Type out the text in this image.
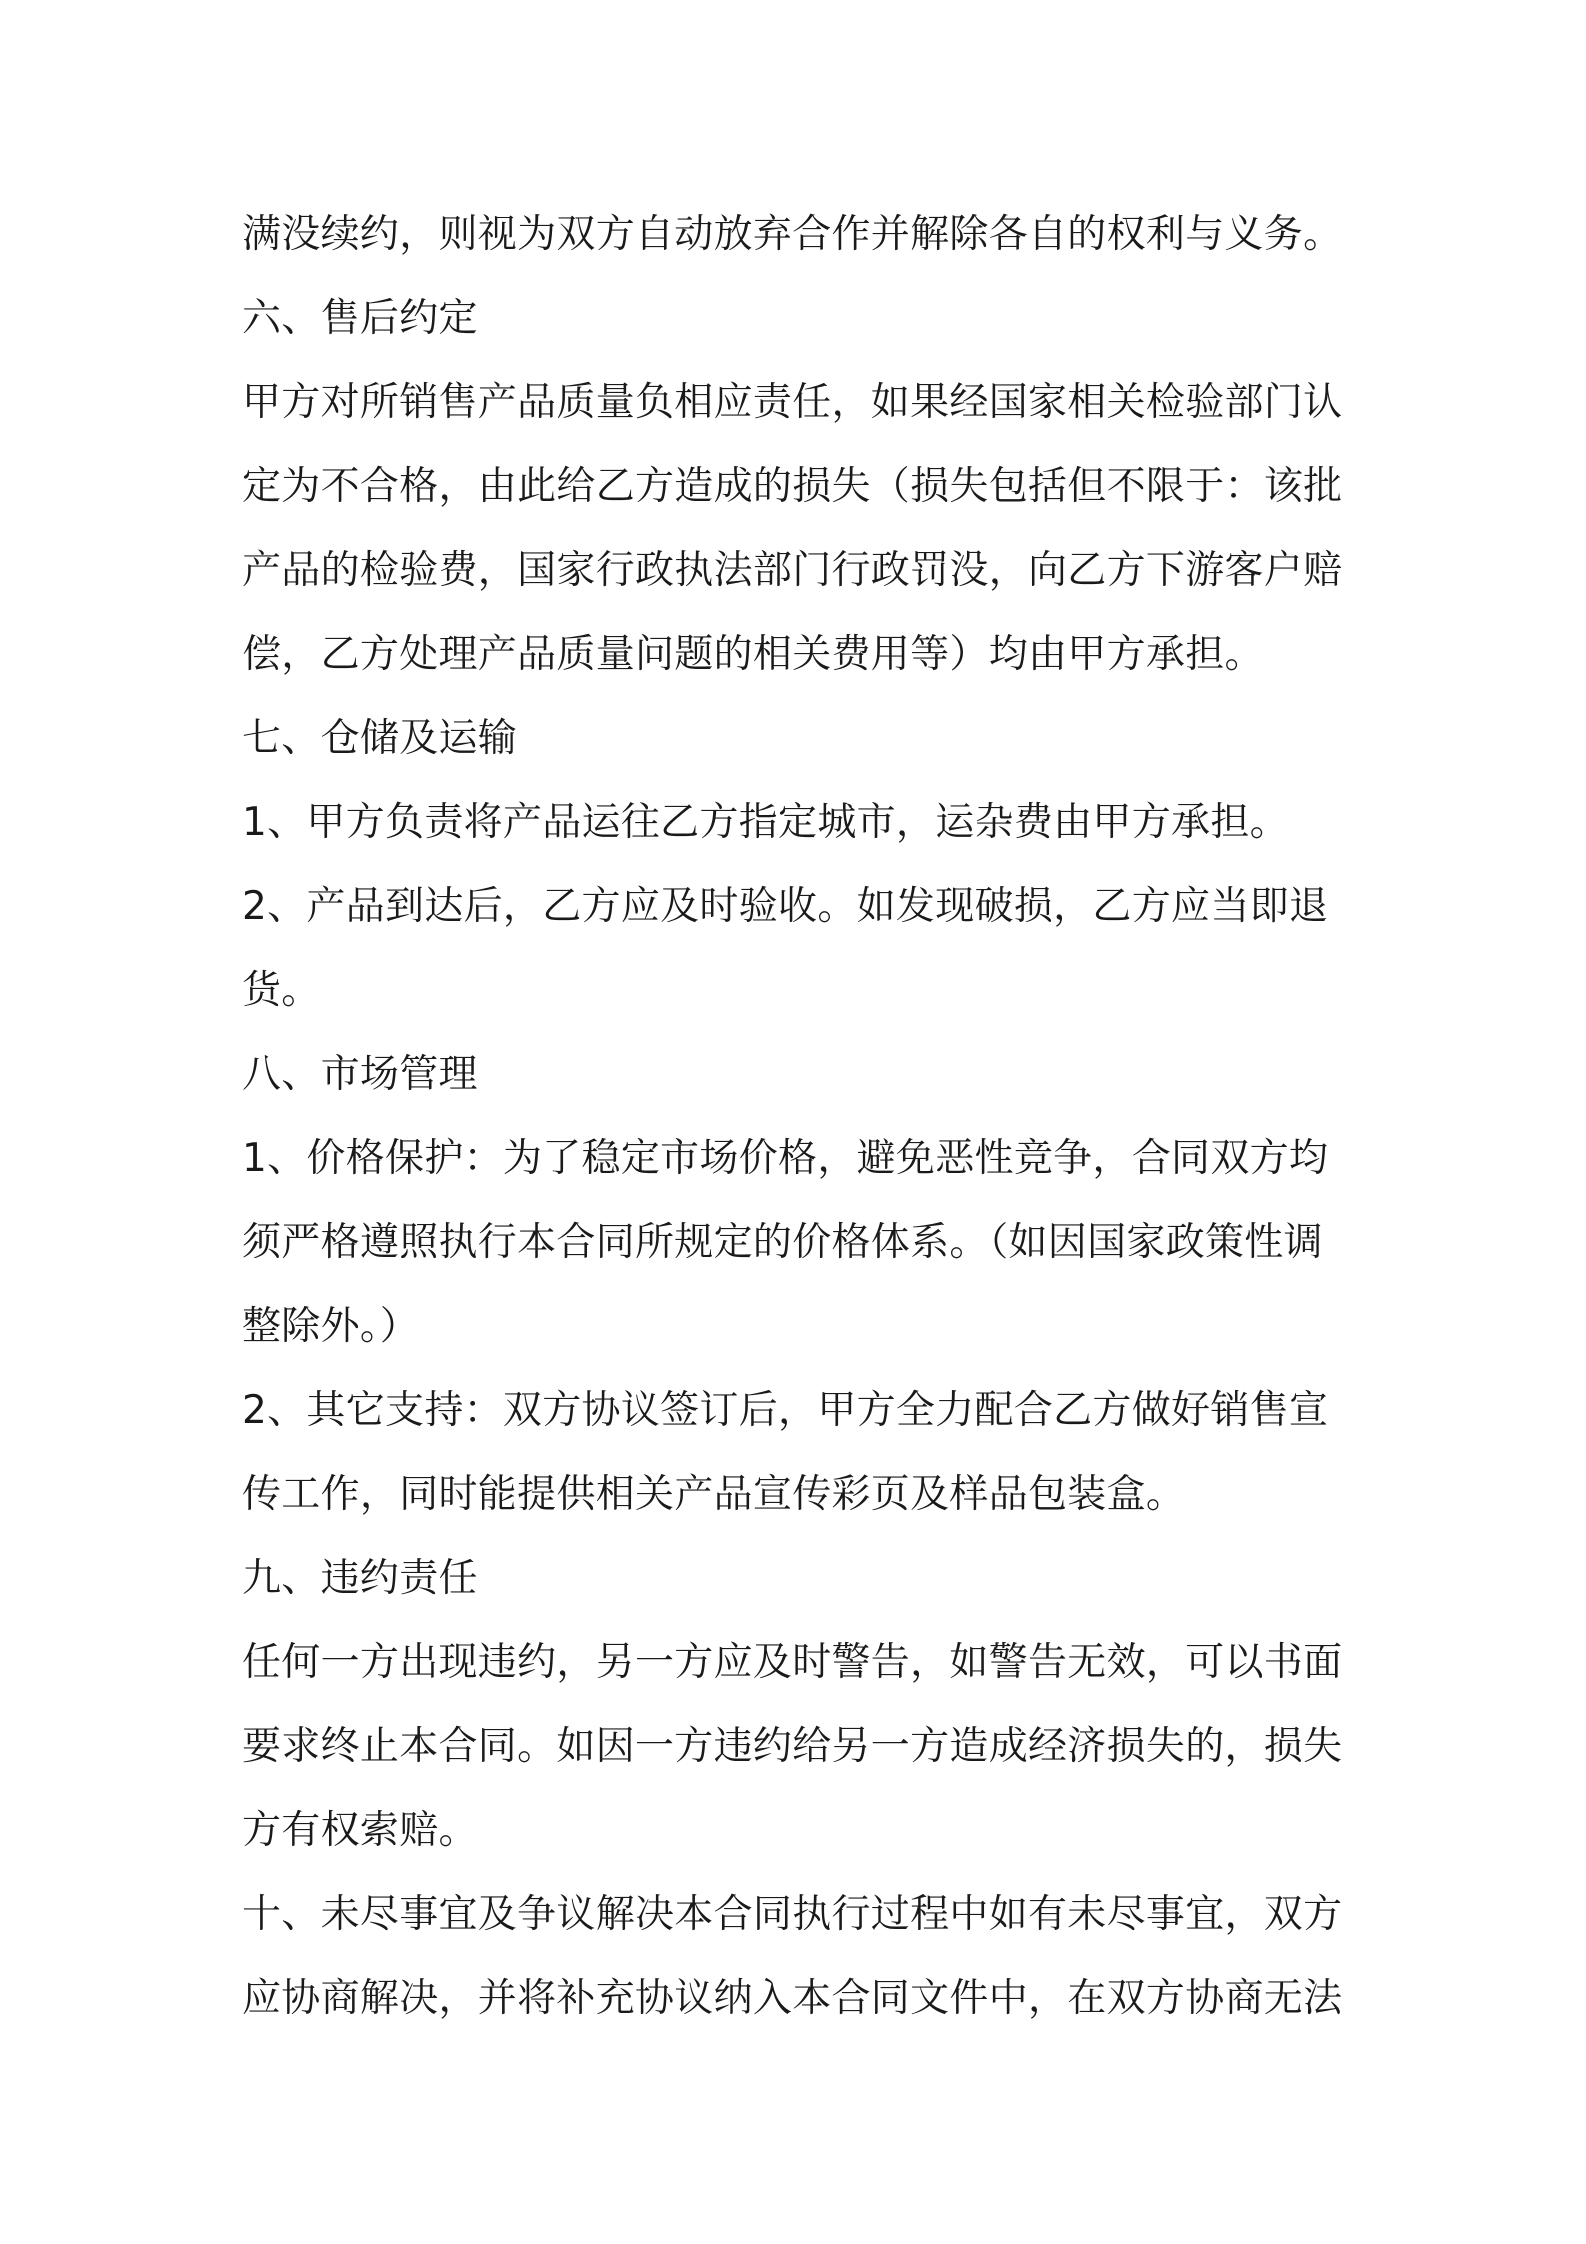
满没续约，则视为双方自动放弃合作并解除各自的权利与义务。
六、售后约定
甲方对所销售产品质量负相应责任，如果经国家相关检验部门认
定为不合格，由此给乙方造成的损失（损失包括但不限于：该批
产品的检验费，国家行政执法部门行政罚没，向乙方下游客户赔
偿，乙方处理产品质量问题的相关费用等）均由甲方承担。
七、仓储及运输
1、甲方负责将产品运往乙方指定城市，运杂费由甲方承担。
2、产品到达后，乙方应及时验收。如发现破损，乙方应当即退
货。
八、市场管理
1、价格保护：为了稳定市场价格，避免恶性竞争，合同双方均
须严格遵照执行本合同所规定的价格体系。（如因国家政策性调
整除外。）
2、其它支持：双方协议签订后，甲方全力配合乙方做好销售宣
传工作，同时能提供相关产品宣传彩页及样品包装盒。
九、违约责任
任何一方出现违约，另一方应及时警告，如警告无效，可以书面
要求终止本合同。如因一方违约给另一方造成经济损失的，损失
方有权索赔。
十、未尽事宜及争议解决本合同执行过程中如有未尽事宜，双方
应协商解决，并将补充协议纳入本合同文件中，在双方协商无法
